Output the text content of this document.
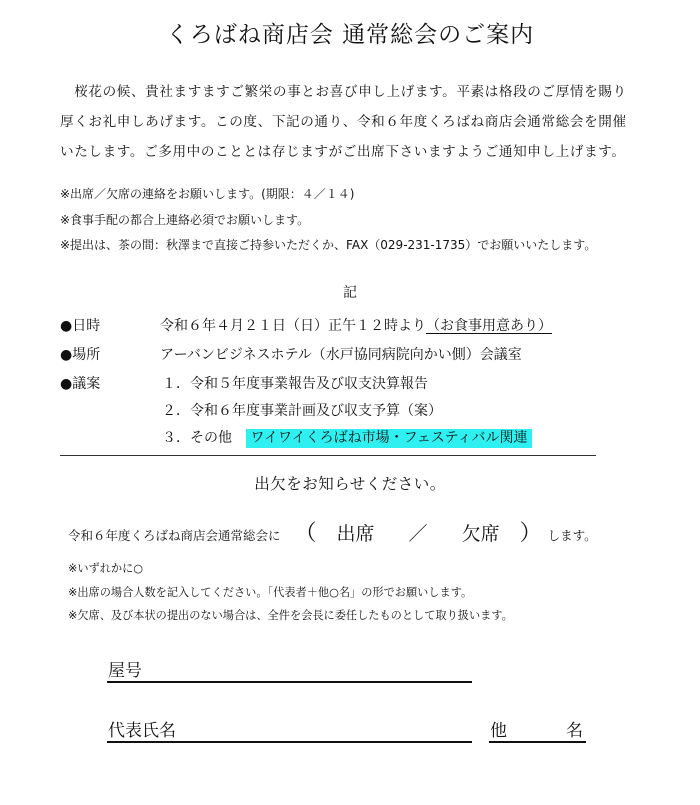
くろばね商店会 通常総会のご案内
　桜花の候、貴社ますますご繁栄の事とお喜び申し上げます。平素は格段のご厚情を賜り
厚くお礼申しあげます。この度、下記の通り、令和６年度くろばね商店会通常総会を開催
いたします。ご多用中のこととは存じますがご出席下さいますようご通知申し上げます。
※出席／欠席の連絡をお願いします。(期限：４／１４)
※食事手配の都合上連絡必須でお願いします。
※提出は、茶の間：秋澤まで直接ご持参いただくか、FAX（029-231-1735）でお願いいたします。
記
●日時	令和６年４月２１日（日）正午１２時より（お食事用意あり）
●場所	アーバンビジネスホテル（水戸協同病院向かい側）会議室
●議案	１．令和５年度事業報告及び収支決算報告
２．令和６年度事業計画及び収支予算（案）
３．その他 ワイワイくろばね市場・フェスティバル関連
出欠をお知らせください。
令和６年度くろばね商店会通常総会に （ 出席 ／ 欠席 ） します。
※いずれかに○
※出席の場合人数を記入してください。「代表者＋他○名」の形でお願いします。
※欠席、及び本状の提出のない場合は、全件を会長に委任したものとして取り扱います。
屋号
代表氏名	他	名
